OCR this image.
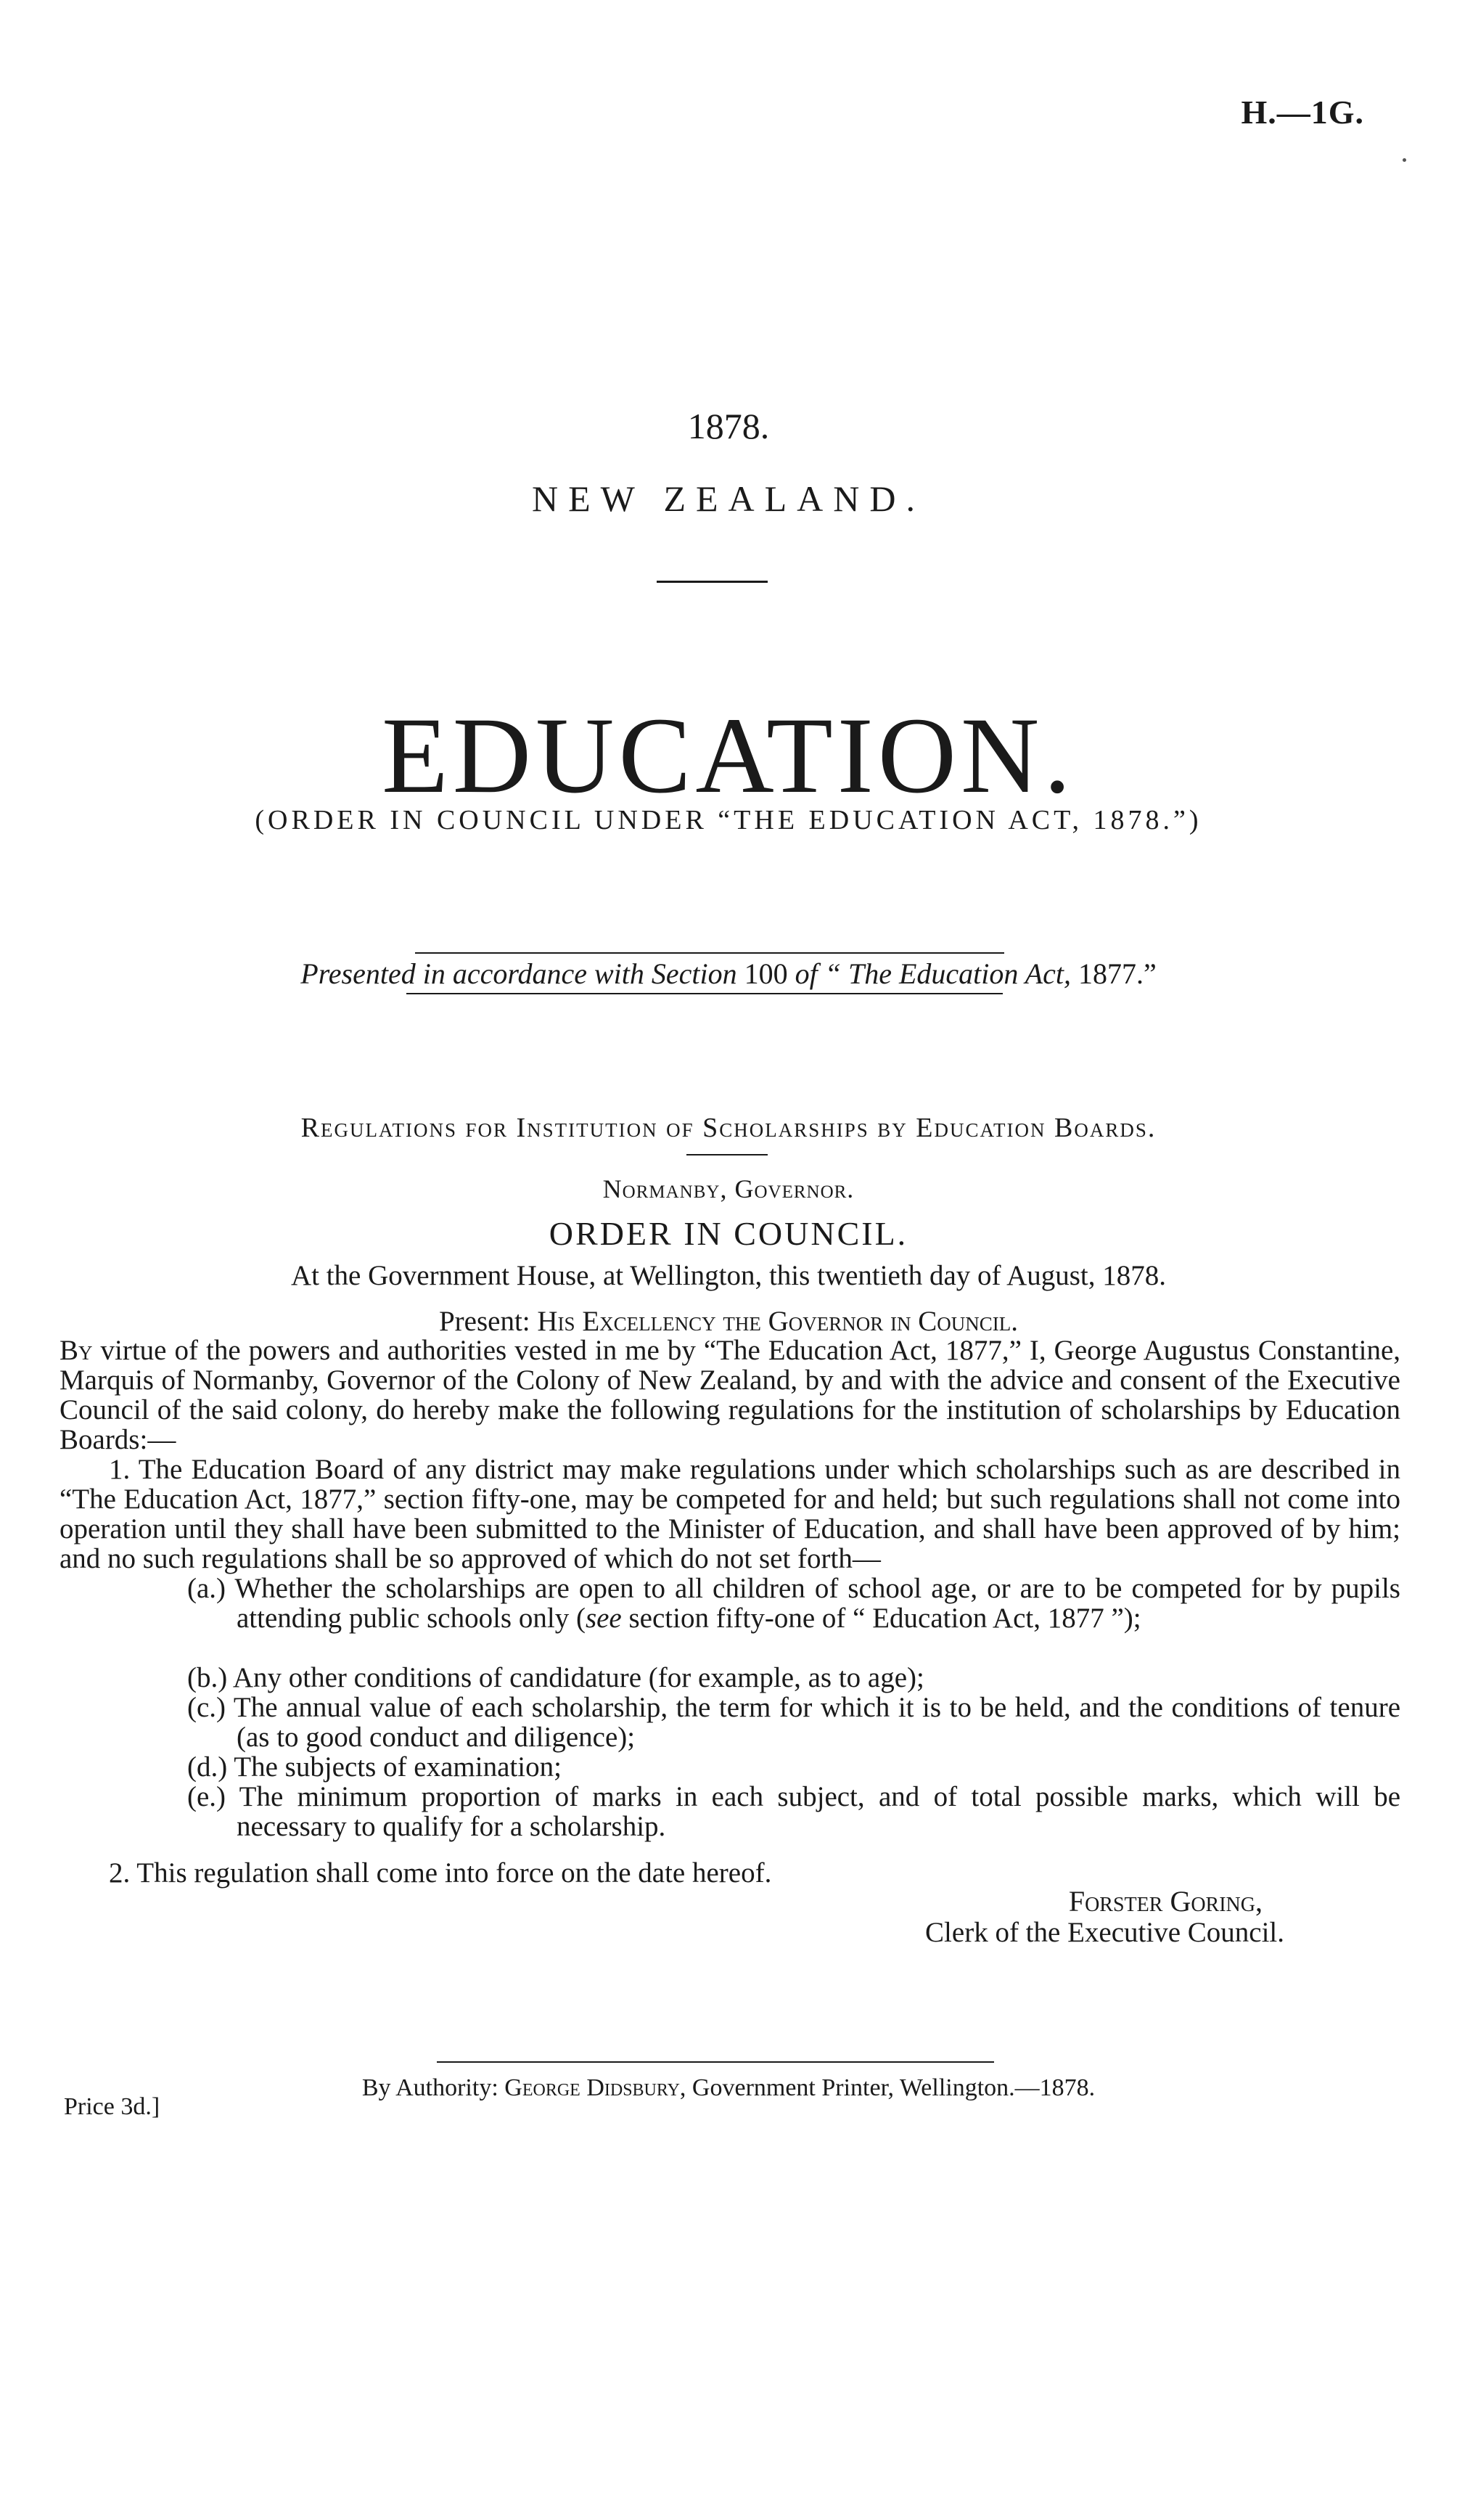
H.—1G.
1878.
NEW ZEALAND.
EDUCATION.
(ORDER IN COUNCIL UNDER “THE EDUCATION ACT, 1878.”)
Presented in accordance with Section 100 of “ The Education Act, 1877.”
Regulations for Institution of Scholarships by Education Boards.
Normanby, Governor.
ORDER IN COUNCIL.
At the Government House, at Wellington, this twentieth day of August, 1878.
Present: His Excellency the Governor in Council.
By virtue of the powers and authorities vested in me by “The Education Act, 1877,” I, George Augustus Constantine, Marquis of Normanby, Governor of the Colony of New Zealand, by and with the advice and consent of the Executive Council of the said colony, do hereby make the following regulations for the institution of scholarships by Education Boards:—
1. The Education Board of any district may make regulations under which scholarships such as are described in “The Education Act, 1877,” section fifty-one, may be competed for and held; but such regulations shall not come into operation until they shall have been submitted to the Minister of Education, and shall have been approved of by him; and no such regulations shall be so approved of which do not set forth—
(a.) Whether the scholarships are open to all children of school age, or are to be competed for by pupils attending public schools only (see section fifty-one of “ Education Act, 1877 ”);
(b.) Any other conditions of candidature (for example, as to age);
(c.) The annual value of each scholarship, the term for which it is to be held, and the conditions of tenure (as to good conduct and diligence);
(d.) The subjects of examination;
(e.) The minimum proportion of marks in each subject, and of total possible marks, which will be necessary to qualify for a scholarship.
2. This regulation shall come into force on the date hereof.
Forster Goring,
Clerk of the Executive Council.
By Authority: George Didsbury, Government Printer, Wellington.—1878.
Price 3d.]
